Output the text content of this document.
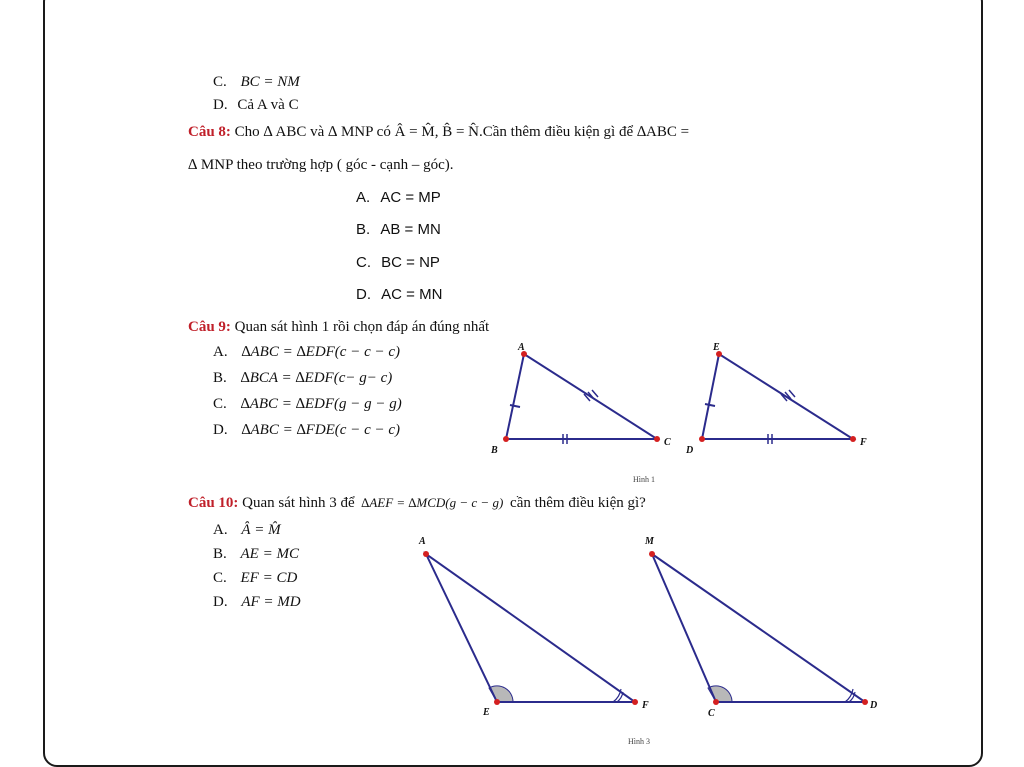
C. BC = NM
D. Cả A và C
Câu 8: Cho ∆ ABC và ∆ MNP có Â = M̂, B̂ = N̂.Cần thêm điều kiện gì để ∆ABC =
∆ MNP theo trường hợp ( góc - cạnh – góc).
A. AC = MP
B. AB = MN
C. BC = NP
D. AC = MN
Câu 9: Quan sát hình 1 rồi chọn đáp án đúng nhất
A. ∆ABC = ∆EDF(c − c − c)
B. ∆BCA = ∆EDF(c− g− c)
C. ∆ABC = ∆EDF(g − g − g)
D. ∆ABC = ∆FDE(c − c − c)
A
B
C
E
D
F
Hình 1
Câu 10: Quan sát hình 3 để ∆AEF = ∆MCD(g − c − g) cần thêm điều kiện gì?
A. Â = M̂
B. AE = MC
C. EF = CD
D. AF = MD
A
E
F
M
C
D
Hình 3
